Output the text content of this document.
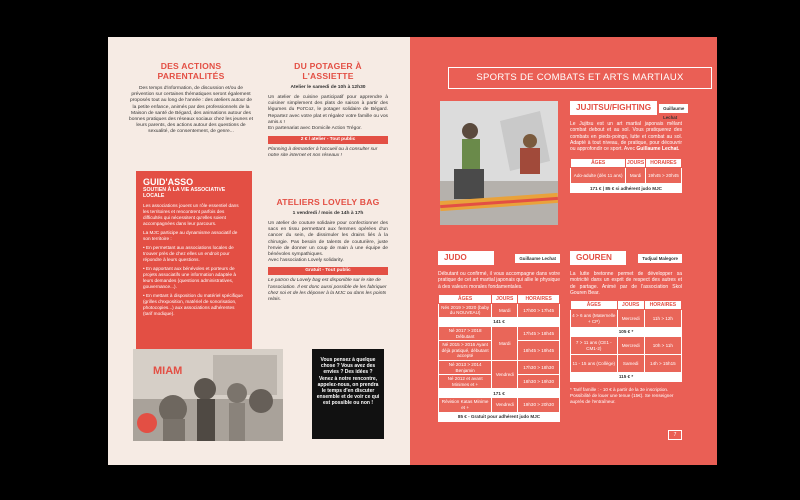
DES ACTIONS PARENTALITÉS
Des temps d'information, de discussion et/ou de prévention sur certaines thématiques seront également proposés tout au long de l'année : des ateliers autour de la petite enfance, animés par des professionnels de la Maison de santé de Bégard, des animations autour des bonnes pratiques des réseaux sociaux chez les jeunes et leurs parents, des actions autour des questions de sexualité, de consentement, de genre...
DU POTAGER À L'ASSIETTE
Atelier le samedi de 10h à 12h30
Un atelier de cuisine participatif pour apprendre à cuisiner simplement des plats de saison à partir des légumes du Pot'Coz, le potager solidaire de Bégard. Repartez avec votre plat et régalez votre famille ou vos amis.s !
En partenariat avec Domicile Action Trégor.
2 € / atelier - Tout public
Planning à demander à l'accueil ou à consulter sur notre site internet et nos réseaux !
GUID'ASSO
SOUTIEN À LA VIE ASSOCIATIVE LOCALE

Les associations jouent un rôle essentiel dans les territoires et rencontrent parfois des difficultés qui nécessitent qu'elles soient accompagnées dans leur parcours.

La MJC participe au dynamisme associatif de son territoire :

• En permettant aux associations locales de trouver près de chez elles un endroit pour répondre à leurs questions.

• En apportant aux bénévoles et porteurs de projets associatifs une information adaptée à leurs demandes (questions administratives, gouvernance...).

• En mettant à disposition du matériel spécifique (grilles d'exposition, matériel de sonorisation, photocopies...) aux associations adhérentes (tarif modique).

ATELIERS LOVELY BAG
1 vendredi / mois de 14h à 17h
Un atelier de couture solidaire pour confectionner des sacs en tissu permettant aux femmes opérées d'un cancer du sein, de dissimuler les drains liés à la chirurgie. Pas besoin de talents de couturière, juste l'envie de donner un coup de main à une équipe de bénévoles sympathiques.
Avec l'association Lovely solidarity.
Gratuit - Tout public
Le patron du Lovely bag est disponible sur le site de l'association. Il est donc aussi possible de les fabriquer chez soi et de les déposer à la MJC ou dans les points relais.
MIAM
Vous pensez à quelque chose ? Vous avez des envies ? Des idées ? Venez à notre rencontre, appelez-nous, on prendra le temps d'en discuter ensemble et de voir ce qui est possible ou non !
SPORTS DE COMBATS ET ARTS MARTIAUX
JUJITSU/FIGHTING	Guillaume Lechat
Le Jujitsu est un art martial japonais mêlant combat debout et au sol. Vous pratiquerez des combats en pieds-poings, lutte et combat au sol. Adapté à tout niveau, de pratique, pour découvrir ou approfondir ce sport. Avec Guillaume Lechat.
ÂGES	JOURS	HORAIRES
Ado-adulte (dès 11 ans)	Mardi	19h45 > 20h45
171 € | 85 € si adhérent judo MJC		
JUDO	Guillaume Lechat
Débutant ou confirmé, il vous accompagne dans votre pratique de cet art martial japonais qui allie le physique à des valeurs morales fondamentales.
ÂGES	JOURS	HORAIRES
Nés 2019 > 2020 (baby du NOUVEAU)	Mardi	17h00 > 17h45
141 €		
Né 2017 > 2018 Débutant	Mardi	17h45 > 18h45
Né 2015 > 2016 Ayant déjà pratiqué, débutant accepté		18h45 > 19h45
Né 2013 > 2014 Benjamin	Vendredi	17h30 > 18h30
Né 2012 et avant Minimes et +		18h30 > 19h30
171 €		
Révision Katas Minime et +	Vendredi	19h30 > 20h30
85 € - Gratuit pour adhérent judo MJC		
GOUREN	Tudjual Malegore
La lutte bretonne permet de développer sa motricité dans un esprit de respect des autres et de partage. Animé par de l'association Skol Gouren Bear.
ÂGES	JOURS	HORAIRES
4 > 6 ans (Maternelle + CP)	Mercredi	11h > 12h
105 € *		
7 > 11 ans (CE1 - CM1-2)	Mercredi	10h > 11h
11 - 15 ans (Collège)	Samedi	14h > 15h15
115 € *		
* Tarif famille : - 10 € à partir de la 3e inscription. Possibilité de louer une tenue (15€). Se renseigner auprès de l'entraîneur.
7
